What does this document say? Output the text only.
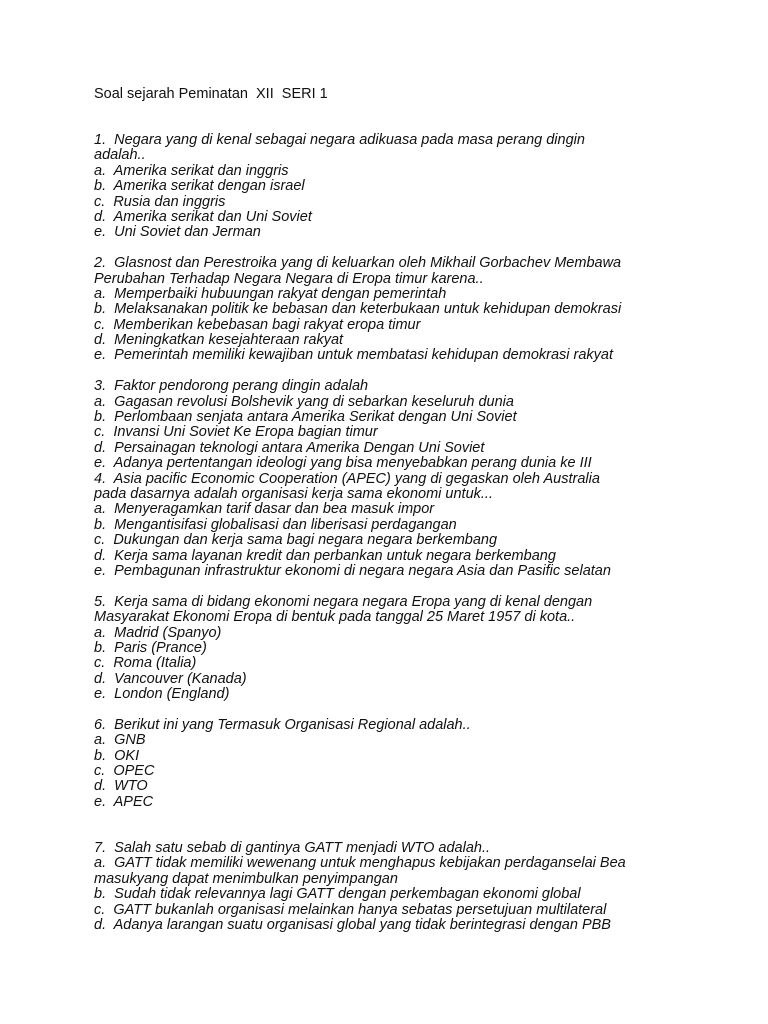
Soal sejarah Peminatan  XII  SERI 1
1.  Negara yang di kenal sebagai negara adikuasa pada masa perang dingin
adalah..
a.  Amerika serikat dan inggris
b.  Amerika serikat dengan israel
c.  Rusia dan inggris
d.  Amerika serikat dan Uni Soviet
e.  Uni Soviet dan Jerman
2.  Glasnost dan Perestroika yang di keluarkan oleh Mikhail Gorbachev Membawa
Perubahan Terhadap Negara Negara di Eropa timur karena..
a.  Memperbaiki hubuungan rakyat dengan pemerintah
b.  Melaksanakan politik ke bebasan dan keterbukaan untuk kehidupan demokrasi
c.  Memberikan kebebasan bagi rakyat eropa timur
d.  Meningkatkan kesejahteraan rakyat
e.  Pemerintah memiliki kewajiban untuk membatasi kehidupan demokrasi rakyat
3.  Faktor pendorong perang dingin adalah
a.  Gagasan revolusi Bolshevik yang di sebarkan keseluruh dunia
b.  Perlombaan senjata antara Amerika Serikat dengan Uni Soviet
c.  Invansi Uni Soviet Ke Eropa bagian timur
d.  Persainagan teknologi antara Amerika Dengan Uni Soviet
e.  Adanya pertentangan ideologi yang bisa menyebabkan perang dunia ke III
4.  Asia pacific Economic Cooperation (APEC) yang di gegaskan oleh Australia
pada dasarnya adalah organisasi kerja sama ekonomi untuk...
a.  Menyeragamkan tarif dasar dan bea masuk impor
b.  Mengantisifasi globalisasi dan liberisasi perdagangan
c.  Dukungan dan kerja sama bagi negara negara berkembang
d.  Kerja sama layanan kredit dan perbankan untuk negara berkembang
e.  Pembagunan infrastruktur ekonomi di negara negara Asia dan Pasific selatan
5.  Kerja sama di bidang ekonomi negara negara Eropa yang di kenal dengan
Masyarakat Ekonomi Eropa di bentuk pada tanggal 25 Maret 1957 di kota..
a.  Madrid (Spanyo)
b.  Paris (Prance)
c.  Roma (Italia)
d.  Vancouver (Kanada)
e.  London (England)
6.  Berikut ini yang Termasuk Organisasi Regional adalah..
a.  GNB
b.  OKI
c.  OPEC
d.  WTO
e.  APEC
7.  Salah satu sebab di gantinya GATT menjadi WTO adalah..
a.  GATT tidak memiliki wewenang untuk menghapus kebijakan perdaganselai Bea
masukyang dapat menimbulkan penyimpangan
b.  Sudah tidak relevannya lagi GATT dengan perkembagan ekonomi global
c.  GATT bukanlah organisasi melainkan hanya sebatas persetujuan multilateral
d.  Adanya larangan suatu organisasi global yang tidak berintegrasi dengan PBB
